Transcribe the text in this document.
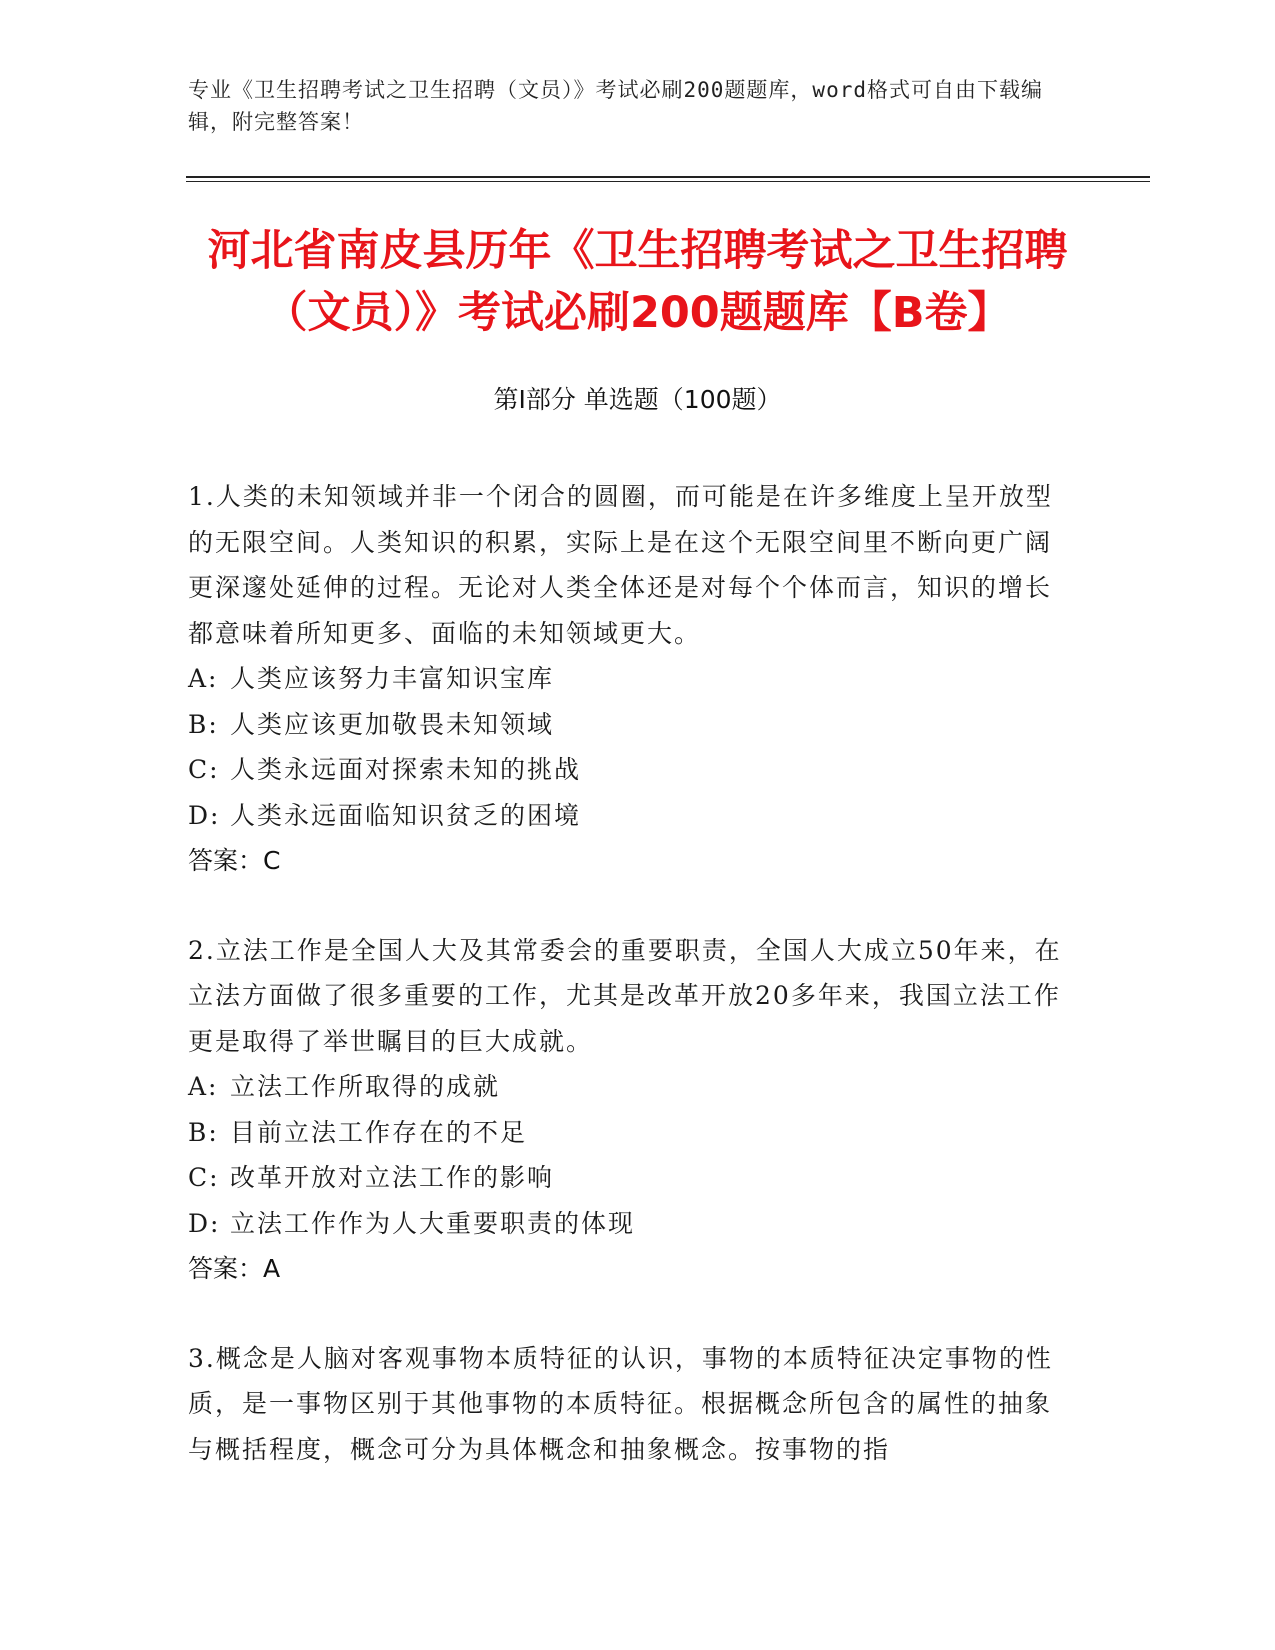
专业《卫生招聘考试之卫生招聘（文员）》考试必刷200题题库，word格式可自由下载编辑，附完整答案！
河北省南皮县历年《卫生招聘考试之卫生招聘（文员）》考试必刷200题题库【B卷】
第Ⅰ部分 单选题（100题）
1.人类的未知领域并非一个闭合的圆圈，而可能是在许多维度上呈开放型的无限空间。人类知识的积累，实际上是在这个无限空间里不断向更广阔更深邃处延伸的过程。无论对人类全体还是对每个个体而言，知识的增长都意味着所知更多、面临的未知领域更大。
A: 人类应该努力丰富知识宝库
B: 人类应该更加敬畏未知领域
C: 人类永远面对探索未知的挑战
D: 人类永远面临知识贫乏的困境
答案：C
2.立法工作是全国人大及其常委会的重要职责，全国人大成立50年来，在立法方面做了很多重要的工作，尤其是改革开放20多年来，我国立法工作更是取得了举世瞩目的巨大成就。
A: 立法工作所取得的成就
B: 目前立法工作存在的不足
C: 改革开放对立法工作的影响
D: 立法工作作为人大重要职责的体现
答案：A
3.概念是人脑对客观事物本质特征的认识，事物的本质特征决定事物的性质，是一事物区别于其他事物的本质特征。根据概念所包含的属性的抽象与概括程度，概念可分为具体概念和抽象概念。按事物的指
